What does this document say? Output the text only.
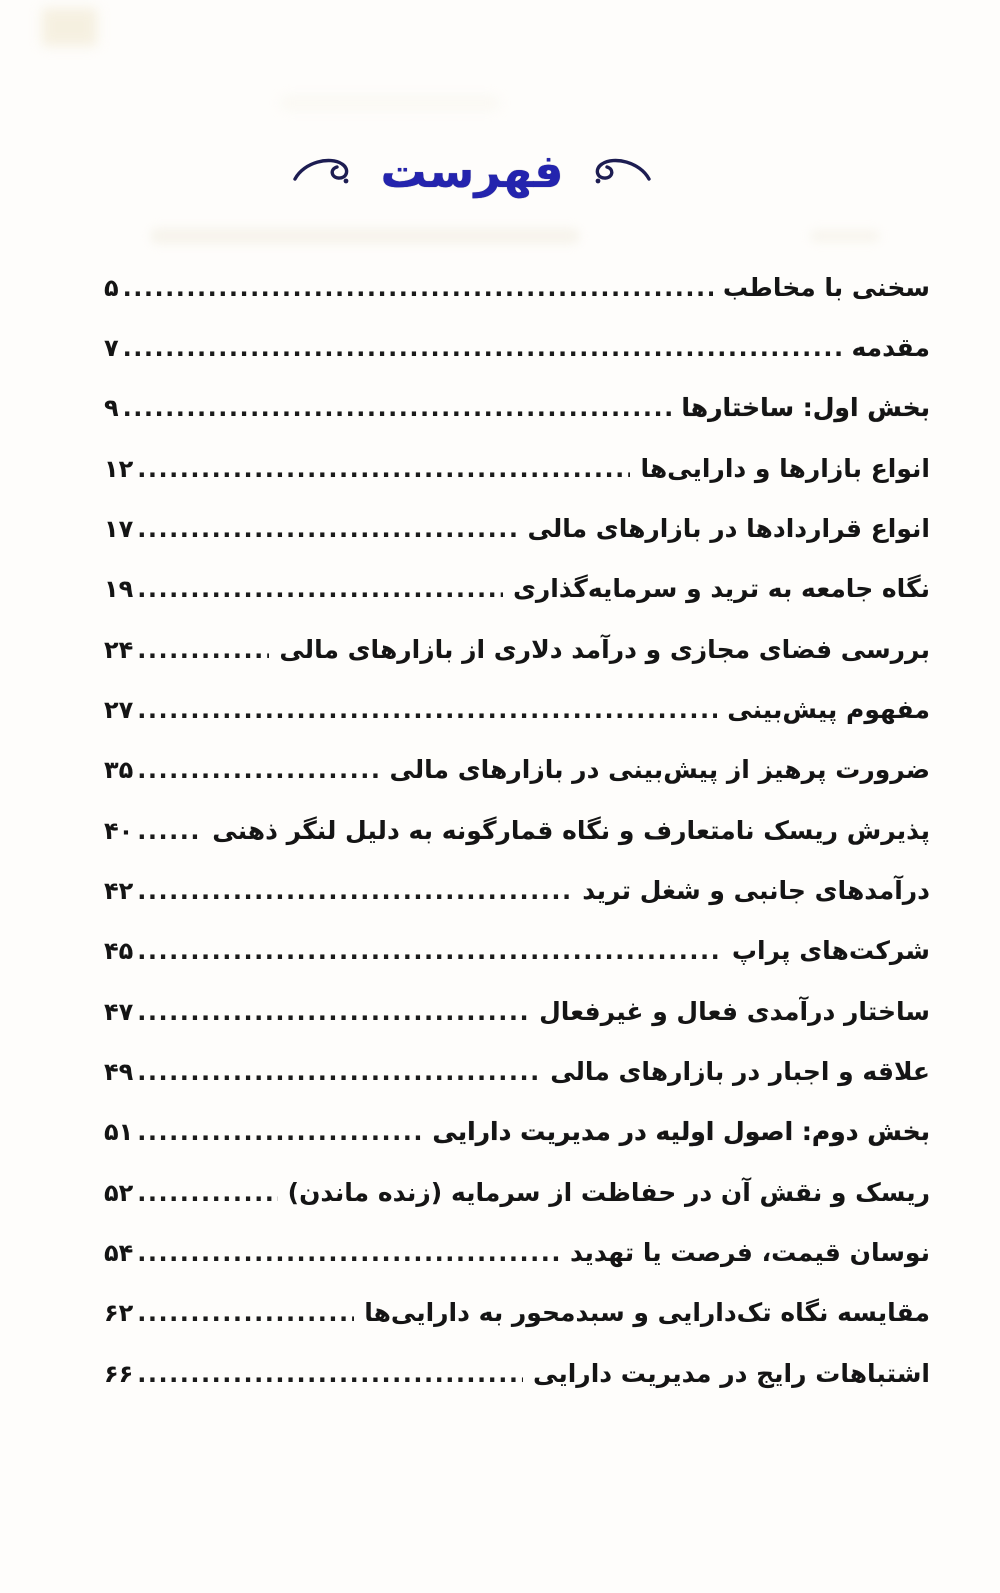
فهرست
سخنی با مخاطب
.....
۵
مقدمه
.....
۷
بخش اول: ساختارها
.....
۹
انواع بازارها و دارایی‌ها
.....
۱۲
انواع قراردادها در بازارهای مالی
.....
۱۷
نگاه جامعه به ترید و سرمایه‌گذاری
.....
۱۹
بررسی فضای مجازی و درآمد دلاری از بازارهای مالی
.....
۲۴
مفهوم پیش‌بینی
.....
۲۷
ضرورت پرهیز از پیش‌بینی در بازارهای مالی
.....
۳۵
پذیرش ریسک نامتعارف و نگاه قمارگونه به دلیل لنگر ذهنی
.....
۴۰
درآمدهای جانبی و شغل ترید
.....
۴۲
شرکت‌های پراپ
.....
۴۵
ساختار درآمدی فعال و غیرفعال
.....
۴۷
علاقه و اجبار در بازارهای مالی
.....
۴۹
بخش دوم: اصول اولیه در مدیریت دارایی
.....
۵۱
ریسک و نقش آن در حفاظت از سرمایه (زنده ماندن)
.....
۵۲
نوسان قیمت، فرصت یا تهدید
.....
۵۴
مقایسه نگاه تک‌دارایی و سبدمحور به دارایی‌ها
.....
۶۲
اشتباهات رایج در مدیریت دارایی
.....
۶۶
